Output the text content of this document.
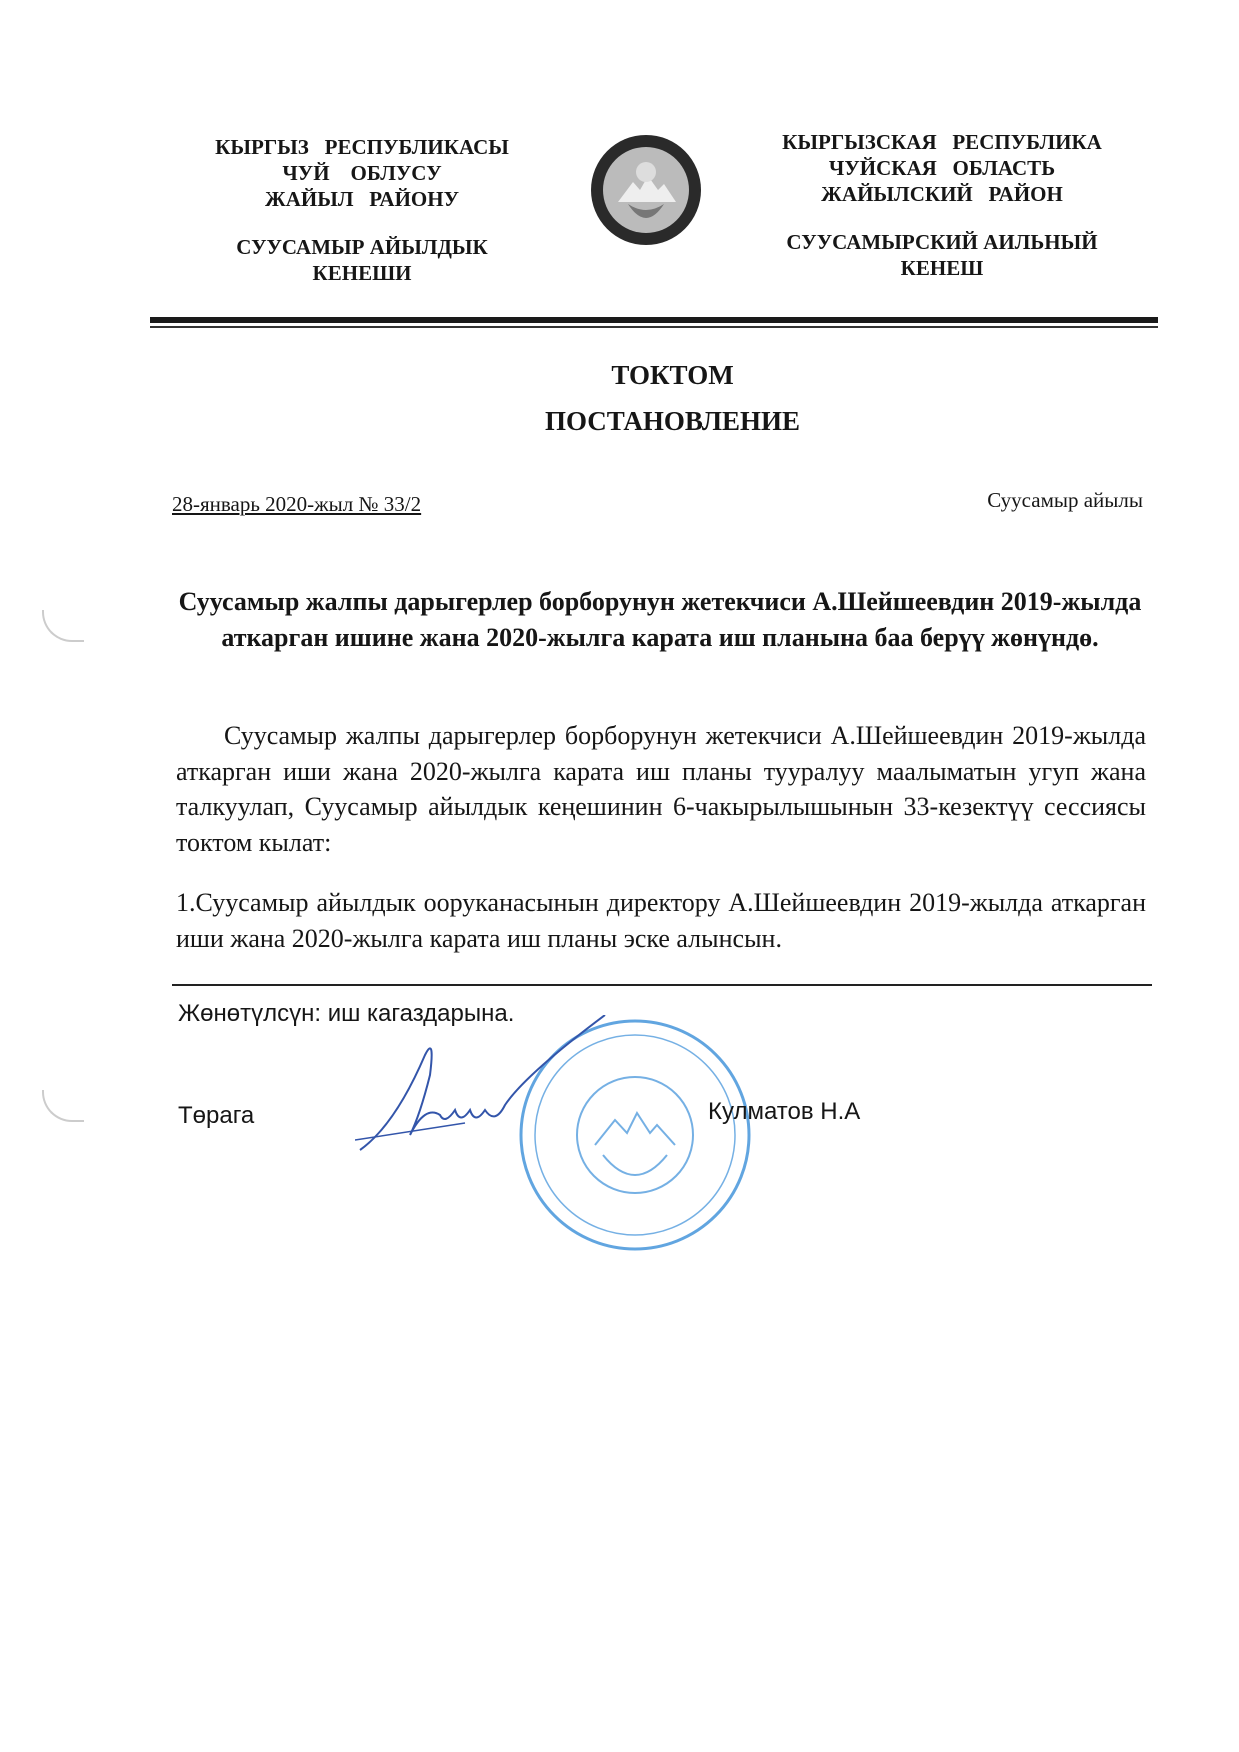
КЫРГЫЗ   РЕСПУБЛИКАСЫ
ЧУЙ    ОБЛУСУ
ЖАЙЫЛ   РАЙОНУ
СУУСАМЫР АЙЫЛДЫК
КЕНЕШИ
КЫРГЫЗСКАЯ   РЕСПУБЛИКА
ЧУЙСКАЯ   ОБЛАСТЬ
ЖАЙЫЛСКИЙ   РАЙОН
СУУСАМЫРСКИЙ АИЛЬНЫЙ
КЕНЕШ
ТОКТОМ
ПОСТАНОВЛЕНИЕ
28-январь 2020-жыл № 33/2	Суусамыр айылы
Суусамыр жалпы дарыгерлер борборунун жетекчиси А.Шейшеевдин 2019-жылда аткарган ишине жана 2020-жылга карата иш планына баа берүү жөнүндө.
Суусамыр жалпы дарыгерлер борборунун жетекчиси А.Шейшеевдин 2019-жылда аткарган иши жана 2020-жылга карата иш планы тууралуу маалыматын угуп жана талкуулап, Суусамыр айылдык кеңешинин 6-чакырылышынын 33-кезектүү сессиясы токтом кылат:
1.Суусамыр айылдык ооруканасынын директору А.Шейшеевдин 2019-жылда аткарган иши жана 2020-жылга карата иш планы эске алынсын.
Жөнөтүлсүн: иш кагаздарына.
Төрага	Кулматов Н.А
